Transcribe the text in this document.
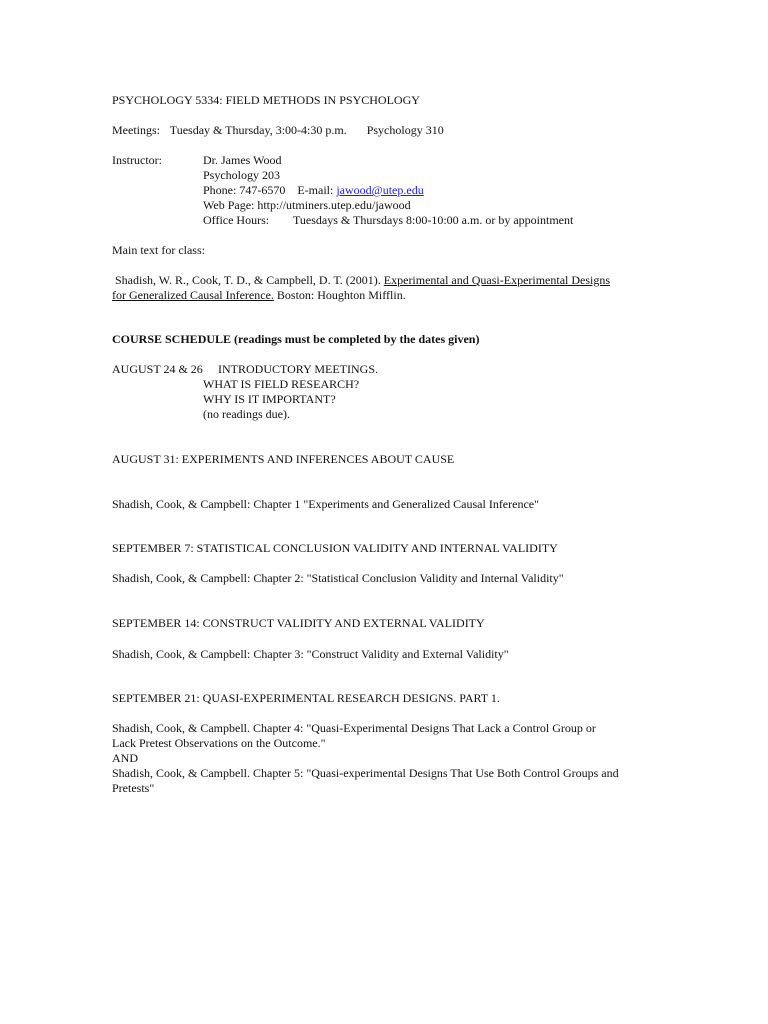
PSYCHOLOGY 5334: FIELD METHODS IN PSYCHOLOGY
Meetings: Tuesday & Thursday, 3:00-4:30 p.m. Psychology 310
Instructor:	Dr. James Wood
Psychology 203
Phone: 747-6570 E-mail: jawood@utep.edu
Web Page: http://utminers.utep.edu/jawood
Office Hours: Tuesdays & Thursdays 8:00-10:00 a.m. or by appointment
Main text for class:
Shadish, W. R., Cook, T. D., & Campbell, D. T. (2001). Experimental and Quasi-Experimental Designs
for Generalized Causal Inference. Boston: Houghton Mifflin.
COURSE SCHEDULE (readings must be completed by the dates given)
AUGUST 24 & 26 INTRODUCTORY MEETINGS.
WHAT IS FIELD RESEARCH?
WHY IS IT IMPORTANT?
(no readings due).
AUGUST 31: EXPERIMENTS AND INFERENCES ABOUT CAUSE
Shadish, Cook, & Campbell: Chapter 1 "Experiments and Generalized Causal Inference"
SEPTEMBER 7: STATISTICAL CONCLUSION VALIDITY AND INTERNAL VALIDITY
Shadish, Cook, & Campbell: Chapter 2: "Statistical Conclusion Validity and Internal Validity"
SEPTEMBER 14: CONSTRUCT VALIDITY AND EXTERNAL VALIDITY
Shadish, Cook, & Campbell: Chapter 3: "Construct Validity and External Validity"
SEPTEMBER 21: QUASI-EXPERIMENTAL RESEARCH DESIGNS. PART 1.
Shadish, Cook, & Campbell. Chapter 4: "Quasi-Experimental Designs That Lack a Control Group or
Lack Pretest Observations on the Outcome."
AND
Shadish, Cook, & Campbell. Chapter 5: "Quasi-experimental Designs That Use Both Control Groups and
Pretests"
